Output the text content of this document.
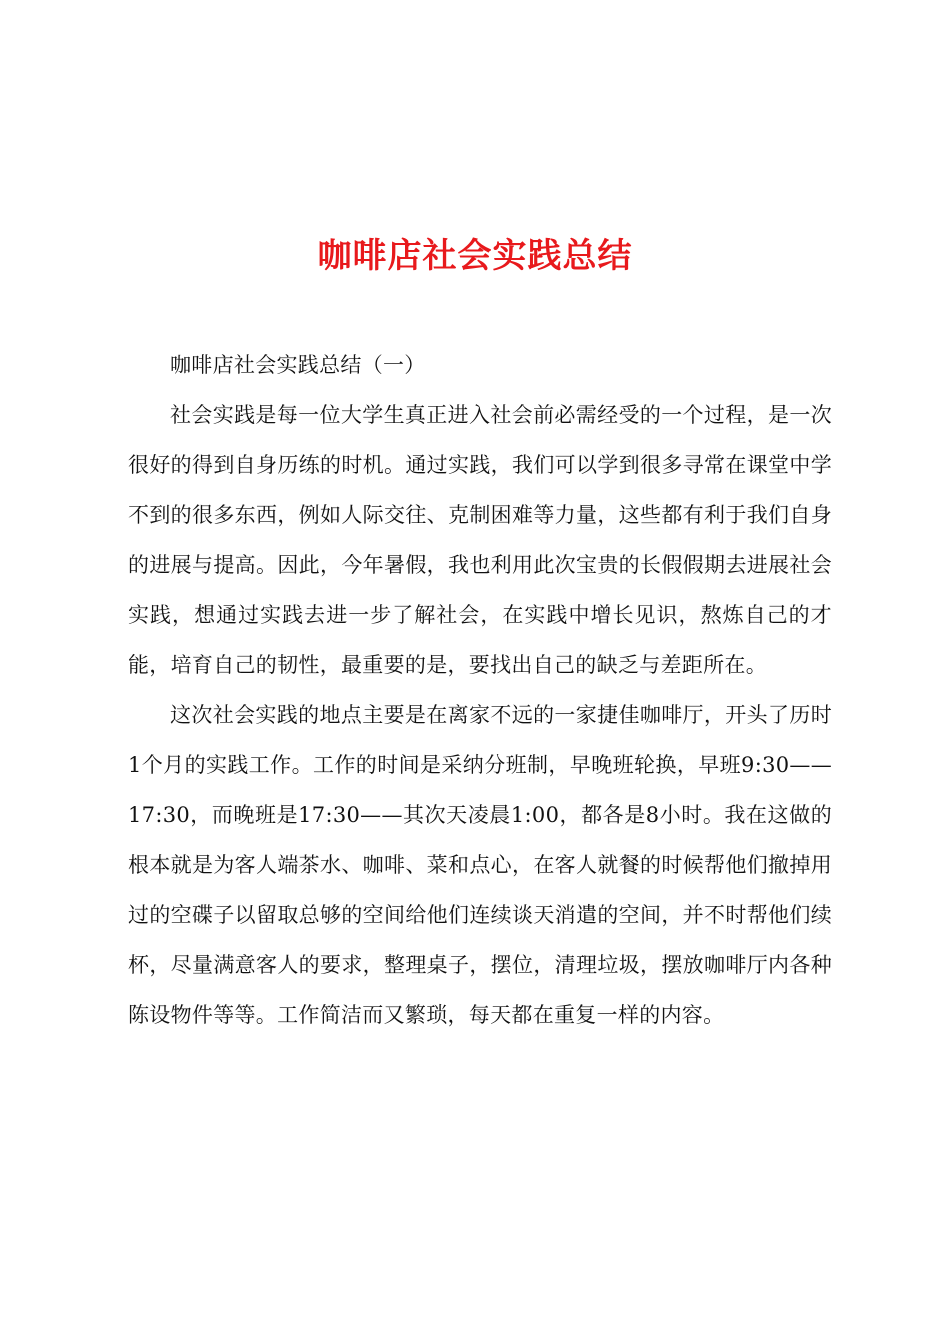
咖啡店社会实践总结

咖啡店社会实践总结（一）

社会实践是每一位大学生真正进入社会前必需经受的一个过程，是一次很好的得到自身历练的时机。通过实践，我们可以学到很多寻常在课堂中学不到的很多东西，例如人际交往、克制困难等力量，这些都有利于我们自身的进展与提高。因此，今年暑假，我也利用此次宝贵的长假假期去进展社会实践，想通过实践去进一步了解社会，在实践中增长见识，熬炼自己的才能，培育自己的韧性，最重要的是，要找出自己的缺乏与差距所在。

这次社会实践的地点主要是在离家不远的一家捷佳咖啡厅，开头了历时1个月的实践工作。工作的时间是采纳分班制，早晚班轮换，早班9:30——17:30，而晚班是17:30——其次天凌晨1:00，都各是8小时。我在这做的根本就是为客人端茶水、咖啡、菜和点心，在客人就餐的时候帮他们撤掉用过的空碟子以留取总够的空间给他们连续谈天消遣的空间，并不时帮他们续杯，尽量满意客人的要求，整理桌子，摆位，清理垃圾，摆放咖啡厅内各种陈设物件等等。工作简洁而又繁琐，每天都在重复一样的内容。
